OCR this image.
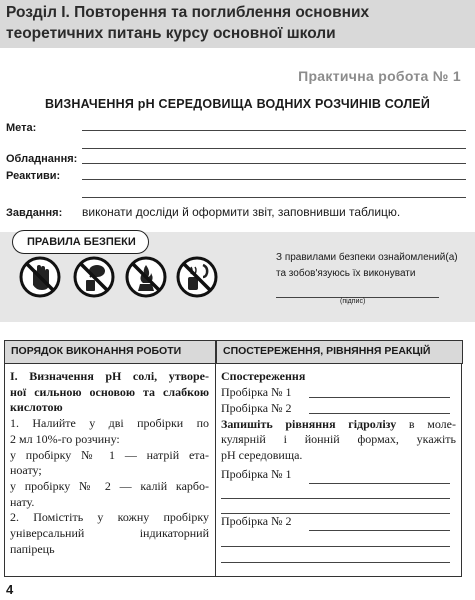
Розділ І. Повторення та поглиблення основних
теоретичних питань курсу основної школи
Практична робота № 1
ВИЗНАЧЕННЯ рН СЕРЕДОВИЩА ВОДНИХ РОЗЧИНІВ СОЛЕЙ
Мета:
Обладнання:
Реактиви:
Завдання: виконати досліди й оформити звіт, заповнивши таблицю.
ПРАВИЛА БЕЗПЕКИ
З правилами безпеки ознайомлений(а)
та зобов'язуюсь їх виконувати
(підпис)
ПОРЯДОК ВИКОНАННЯ РОБОТИ	СПОСТЕРЕЖЕННЯ, РІВНЯННЯ РЕАКЦІЙ
І. Визначення рН солі, утворе-
ної сильною основою та слабкою кислотою
1. Налийте у дві пробірки по
2 мл 10%-го розчину:
у пробірку № 1 — натрій ета-
нoату;
у пробірку № 2 — калій карбо-
нату.
2. Помістіть у кожну пробірку
універсальний індикаторний
папірець
Спостереження
Пробірка № 1
Пробірка № 2
Запишіть рівняння гідролізу в моле-
кулярній і йонній формах, укажіть
рН середовища.
Пробірка № 1
Пробірка № 2
4
